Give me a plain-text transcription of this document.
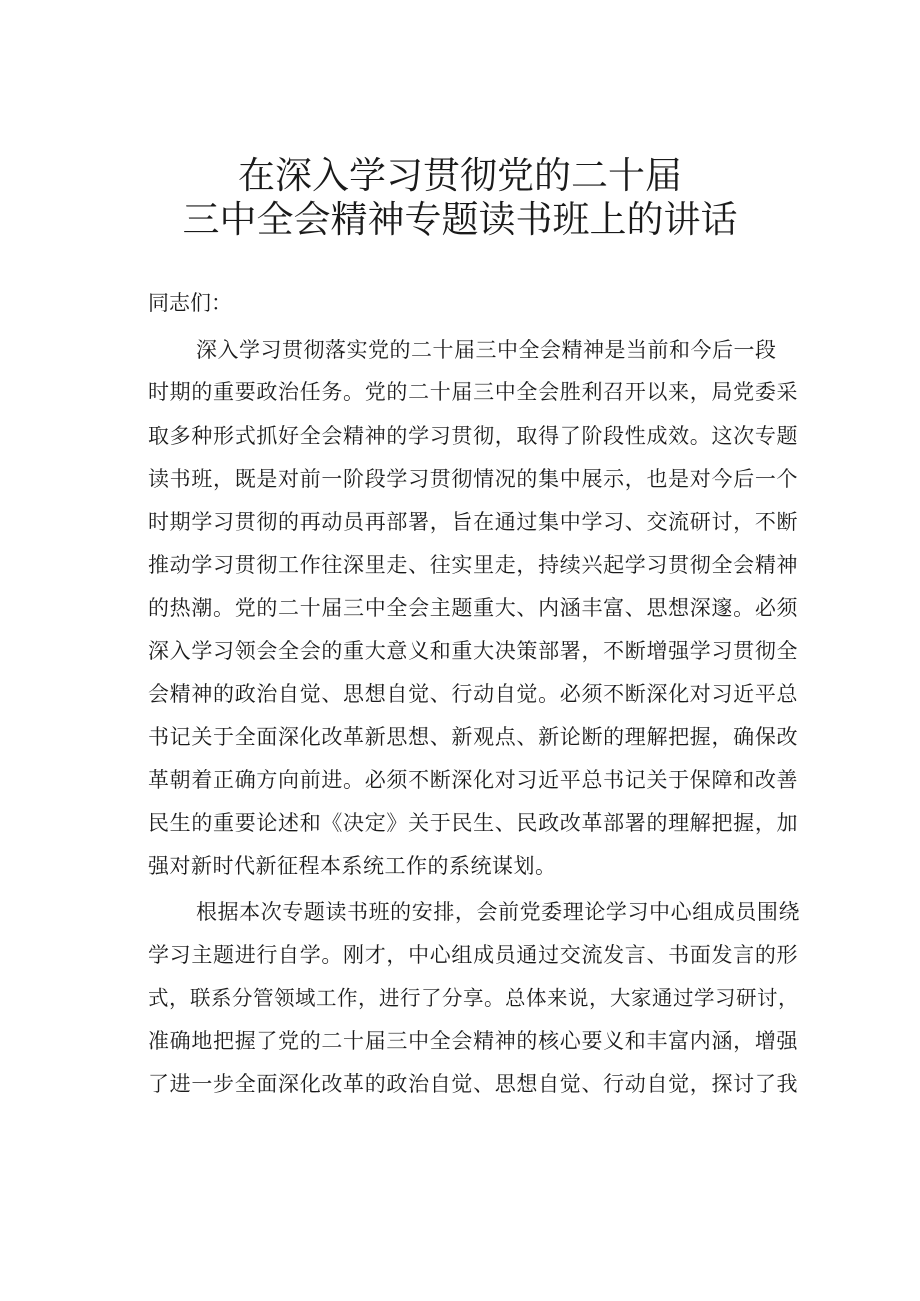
在深入学习贯彻党的二十届
三中全会精神专题读书班上的讲话
同志们：
深入学习贯彻落实党的二十届三中全会精神是当前和今后一段
时期的重要政治任务。党的二十届三中全会胜利召开以来，局党委采
取多种形式抓好全会精神的学习贯彻，取得了阶段性成效。这次专题
读书班，既是对前一阶段学习贯彻情况的集中展示，也是对今后一个
时期学习贯彻的再动员再部署，旨在通过集中学习、交流研讨，不断
推动学习贯彻工作往深里走、往实里走，持续兴起学习贯彻全会精神
的热潮。党的二十届三中全会主题重大、内涵丰富、思想深邃。必须
深入学习领会全会的重大意义和重大决策部署，不断增强学习贯彻全
会精神的政治自觉、思想自觉、行动自觉。必须不断深化对习近平总
书记关于全面深化改革新思想、新观点、新论断的理解把握，确保改
革朝着正确方向前进。必须不断深化对习近平总书记关于保障和改善
民生的重要论述和《决定》关于民生、民政改革部署的理解把握，加
强对新时代新征程本系统工作的系统谋划。
根据本次专题读书班的安排，会前党委理论学习中心组成员围绕
学习主题进行自学。刚才，中心组成员通过交流发言、书面发言的形
式，联系分管领域工作，进行了分享。总体来说，大家通过学习研讨，
准确地把握了党的二十届三中全会精神的核心要义和丰富内涵，增强
了进一步全面深化改革的政治自觉、思想自觉、行动自觉，探讨了我
